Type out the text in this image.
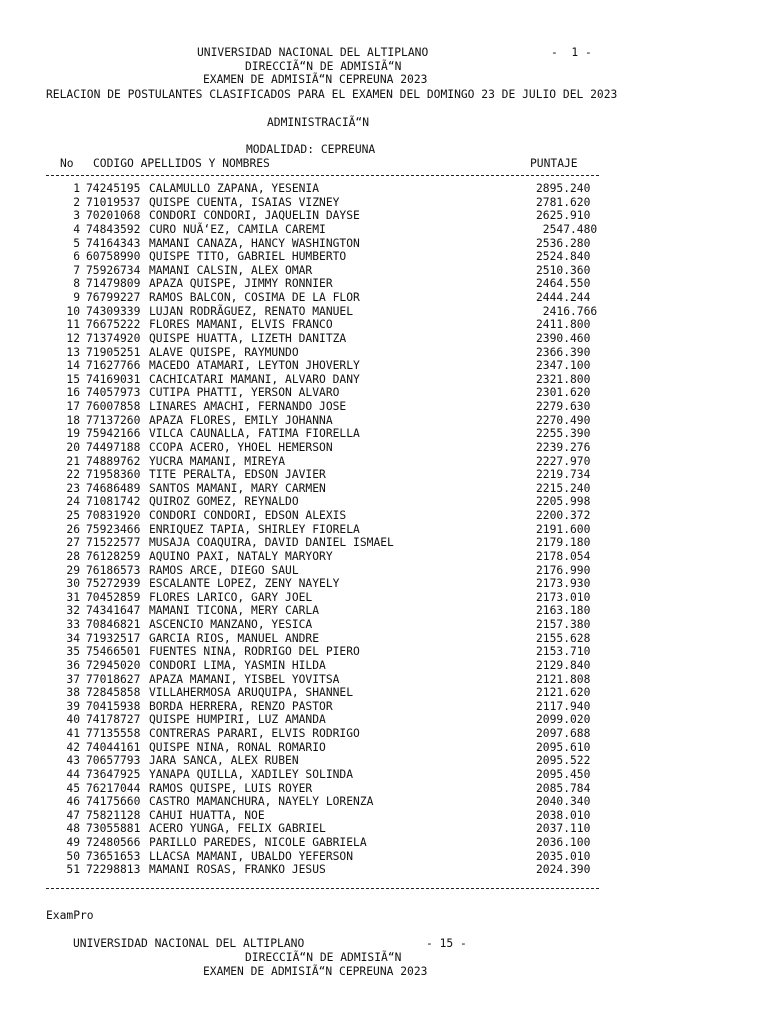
UNIVERSIDAD NACIONAL DEL ALTIPLANO	-  1 -
DIRECCIÃ“N DE ADMISIÃ“N
EXAMEN DE ADMISIÃ“N CEPREUNA 2023
RELACION DE POSTULANTES CLASIFICADOS PARA EL EXAMEN DEL DOMINGO 23 DE JULIO DEL 2023
ADMINISTRACIÃ“N
MODALIDAD: CEPREUNA
No CODIGO APELLIDOS Y NOMBRES	PUNTAJE
1 74245195 CALAMULLO ZAPANA, YESENIA	2895.240
2 71019537 QUISPE CUENTA, ISAIAS VIZNEY	2781.620
3 70201068 CONDORI CONDORI, JAQUELIN DAYSE	2625.910
4 74843592 CURO NUÃ‘EZ, CAMILA CAREMI	2547.480
5 74164343 MAMANI CANAZA, HANCY WASHINGTON	2536.280
6 60758990 QUISPE TITO, GABRIEL HUMBERTO	2524.840
7 75926734 MAMANI CALSIN, ALEX OMAR	2510.360
8 71479809 APAZA QUISPE, JIMMY RONNIER	2464.550
9 76799227 RAMOS BALCON, COSIMA DE LA FLOR	2444.244
10 74309339 LUJAN RODRÃGUEZ, RENATO MANUEL	2416.766
11 76675222 FLORES MAMANI, ELVIS FRANCO	2411.800
12 71374920 QUISPE HUATTA, LIZETH DANITZA	2390.460
13 71905251 ALAVE QUISPE, RAYMUNDO	2366.390
14 71627766 MACEDO ATAMARI, LEYTON JHOVERLY	2347.100
15 74169031 CACHICATARI MAMANI, ALVARO DANY	2321.800
16 74057973 CUTIPA PHATTI, YERSON ALVARO	2301.620
17 76007858 LINARES AMACHI, FERNANDO JOSE	2279.630
18 77137260 APAZA FLORES, EMILY JOHANNA	2270.490
19 75942166 VILCA CAUNALLA, FATIMA FIORELLA	2255.390
20 74497188 CCOPA ACERO, YHOEL HEMERSON	2239.276
21 74889762 YUCRA MAMANI, MIREYA	2227.970
22 71958360 TITE PERALTA, EDSON JAVIER	2219.734
23 74686489 SANTOS MAMANI, MARY CARMEN	2215.240
24 71081742 QUIROZ GOMEZ, REYNALDO	2205.998
25 70831920 CONDORI CONDORI, EDSON ALEXIS	2200.372
26 75923466 ENRIQUEZ TAPIA, SHIRLEY FIORELA	2191.600
27 71522577 MUSAJA COAQUIRA, DAVID DANIEL ISMAEL	2179.180
28 76128259 AQUINO PAXI, NATALY MARYORY	2178.054
29 76186573 RAMOS ARCE, DIEGO SAUL	2176.990
30 75272939 ESCALANTE LOPEZ, ZENY NAYELY	2173.930
31 70452859 FLORES LARICO, GARY JOEL	2173.010
32 74341647 MAMANI TICONA, MERY CARLA	2163.180
33 70846821 ASCENCIO MANZANO, YESICA	2157.380
34 71932517 GARCIA RIOS, MANUEL ANDRE	2155.628
35 75466501 FUENTES NINA, RODRIGO DEL PIERO	2153.710
36 72945020 CONDORI LIMA, YASMIN HILDA	2129.840
37 77018627 APAZA MAMANI, YISBEL YOVITSA	2121.808
38 72845858 VILLAHERMOSA ARUQUIPA, SHANNEL	2121.620
39 70415938 BORDA HERRERA, RENZO PASTOR	2117.940
40 74178727 QUISPE HUMPIRI, LUZ AMANDA	2099.020
41 77135558 CONTRERAS PARARI, ELVIS RODRIGO	2097.688
42 74044161 QUISPE NINA, RONAL ROMARIO	2095.610
43 70657793 JARA SANCA, ALEX RUBEN	2095.522
44 73647925 YANAPA QUILLA, XADILEY SOLINDA	2095.450
45 76217044 RAMOS QUISPE, LUIS ROYER	2085.784
46 74175660 CASTRO MAMANCHURA, NAYELY LORENZA	2040.340
47 75821128 CAHUI HUATTA, NOE	2038.010
48 73055881 ACERO YUNGA, FELIX GABRIEL	2037.110
49 72480566 PARILLO PAREDES, NICOLE GABRIELA	2036.100
50 73651653 LLACSA MAMANI, UBALDO YEFERSON	2035.010
51 72298813 MAMANI ROSAS, FRANKO JESUS	2024.390
ExamPro
UNIVERSIDAD NACIONAL DEL ALTIPLANO	- 15 -
DIRECCIÃ“N DE ADMISIÃ“N
EXAMEN DE ADMISIÃ“N CEPREUNA 2023
